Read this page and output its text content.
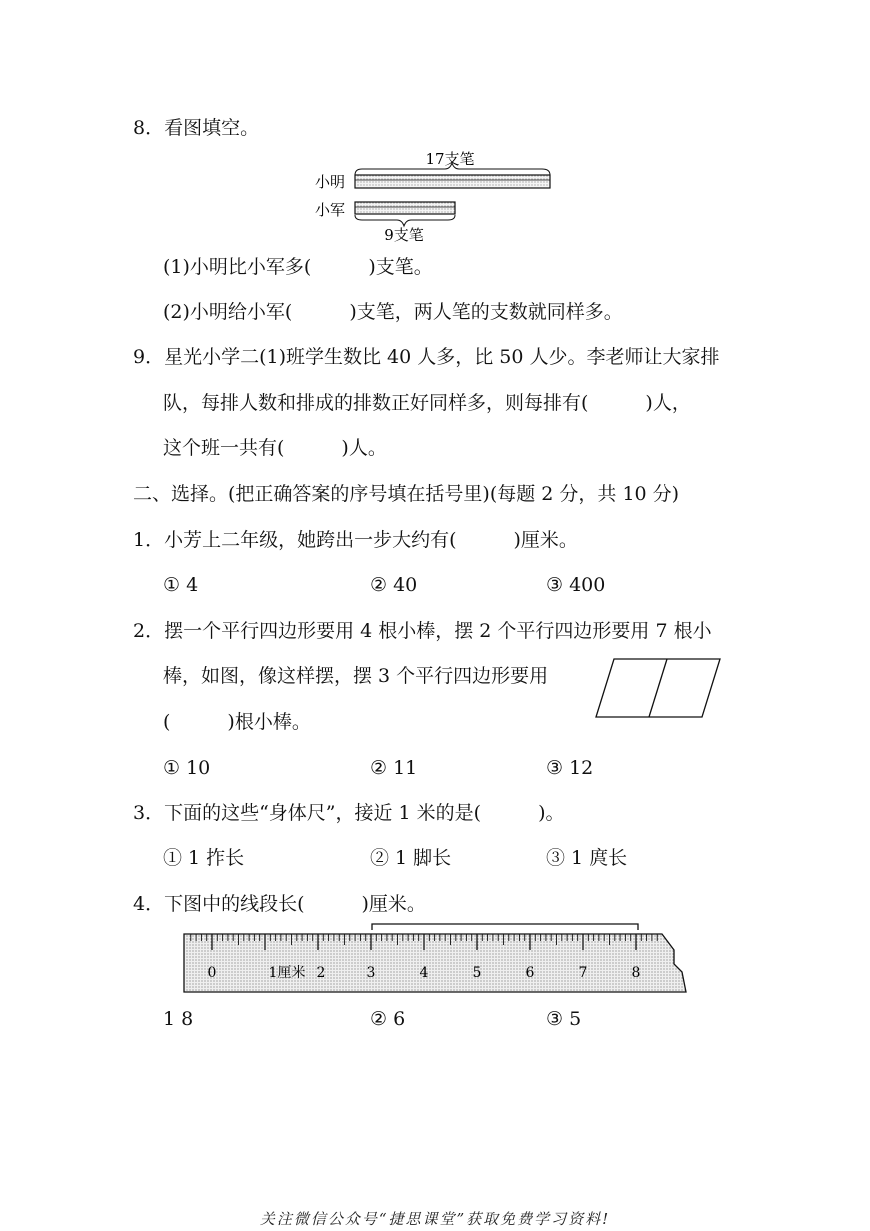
8．看图填空。
17支笔
小明
小军
9支笔
(1)小明比小军多(　　　)支笔。
(2)小明给小军(　　　)支笔，两人笔的支数就同样多。
9．星光小学二(1)班学生数比 40 人多，比 50 人少。李老师让大家排
队，每排人数和排成的排数正好同样多，则每排有(　　　)人，
这个班一共有(　　　)人。
二、选择。(把正确答案的序号填在括号里)(每题 2 分，共 10 分)
1．小芳上二年级，她跨出一步大约有(　　　)厘米。
① 4	② 40	③ 400
2．摆一个平行四边形要用 4 根小棒，摆 2 个平行四边形要用 7 根小
棒，如图，像这样摆，摆 3 个平行四边形要用
(　　　)根小棒。
① 10	② 11	③ 12
3．下面的这些“身体尺”，接近 1 米的是(　　　)。
① 1 拃长	② 1 脚长	③ 1 庹长
4．下图中的线段长(　　　)厘米。
0	1厘米 2	3	4	5	6	7	8
1 8	② 6	③ 5
关注微信公众号“捷思课堂”获取免费学习资料!
